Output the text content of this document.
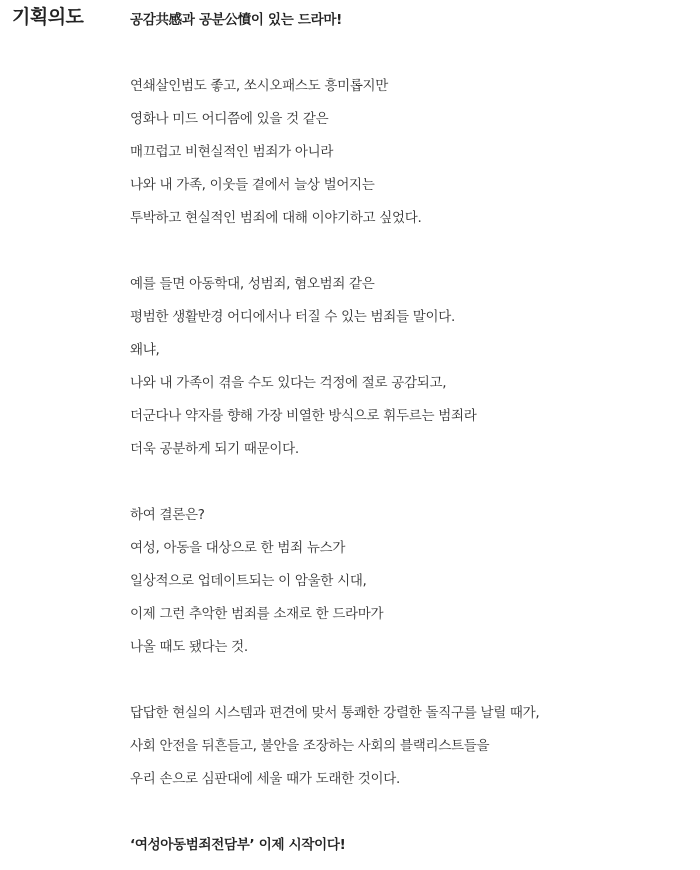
기획의도	공감共感과 공분公憤이 있는 드라마!
연쇄살인범도 좋고, 쏘시오패스도 흥미롭지만
영화나 미드 어디쯤에 있을 것 같은
매끄럽고 비현실적인 범죄가 아니라
나와 내 가족, 이웃들 곁에서 늘상 벌어지는
투박하고 현실적인 범죄에 대해 이야기하고 싶었다.
예를 들면 아동학대, 성범죄, 혐오범죄 같은
평범한 생활반경 어디에서나 터질 수 있는 범죄들 말이다.
왜냐,
나와 내 가족이 겪을 수도 있다는 걱정에 절로 공감되고,
더군다나 약자를 향해 가장 비열한 방식으로 휘두르는 범죄라
더욱 공분하게 되기 때문이다.
하여 결론은?
여성, 아동을 대상으로 한 범죄 뉴스가
일상적으로 업데이트되는 이 암울한 시대,
이제 그런 추악한 범죄를 소재로 한 드라마가
나올 때도 됐다는 것.
답답한 현실의 시스템과 편견에 맞서 통쾌한 강렬한 돌직구를 날릴 때가,
사회 안전을 뒤흔들고, 불안을 조장하는 사회의 블랙리스트들을
우리 손으로 심판대에 세울 때가 도래한 것이다.
‘여성아동범죄전담부’ 이제 시작이다!
